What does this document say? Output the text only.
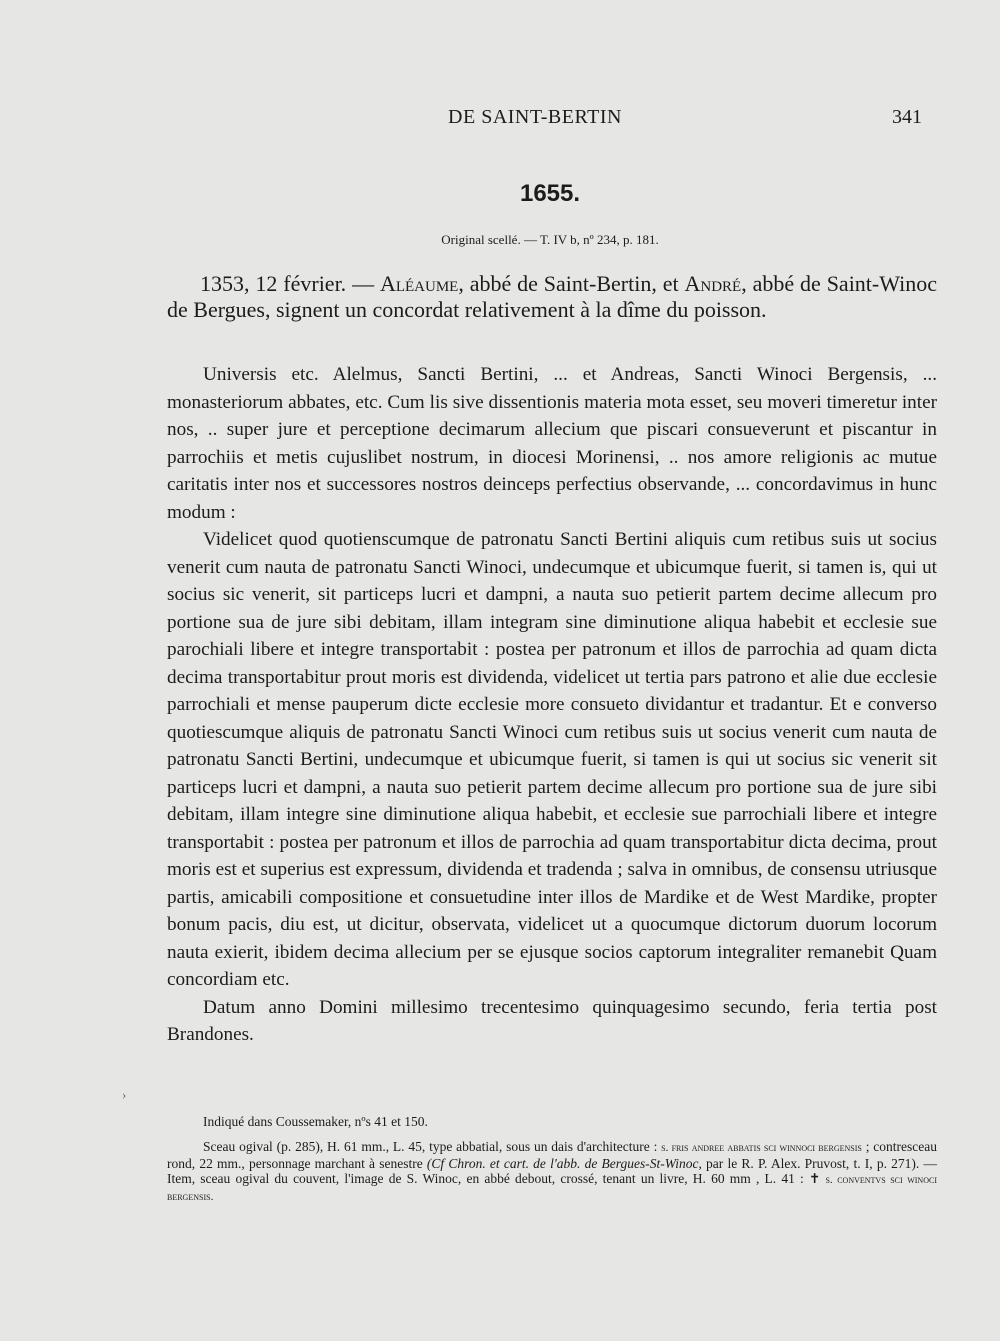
DE SAINT-BERTIN	341
1655.
Original scellé. — T. IV b, nº 234, p. 181.

1353, 12 février. — Aléaume, abbé de Saint-Bertin, et André, abbé de Saint-Winoc de Bergues, signent un concordat relativement à la dîme du poisson.

Universis etc. Alelmus, Sancti Bertini, ... et Andreas, Sancti Winoci Bergensis, ... monasteriorum abbates, etc. Cum lis sive dissentionis materia mota esset, seu moveri timeretur inter nos, .. super jure et perceptione decimarum allecium que piscari consueverunt et piscantur in parrochiis et metis cujuslibet nostrum, in diocesi Morinensi, .. nos amore religionis ac mutue caritatis inter nos et successores nostros deinceps perfectius observande, ... concordavimus in hunc modum :

Videlicet quod quotienscumque de patronatu Sancti Bertini aliquis cum retibus suis ut socius venerit cum nauta de patronatu Sancti Winoci, undecumque et ubicumque fuerit, si tamen is, qui ut socius sic venerit, sit particeps lucri et dampni, a nauta suo petierit partem decime allecum pro portione sua de jure sibi debitam, illam integram sine diminutione aliqua habebit et ecclesie sue parochiali libere et integre transportabit : postea per patronum et illos de parrochia ad quam dicta decima transportabitur prout moris est dividenda, videlicet ut tertia pars patrono et alie due ecclesie parrochiali et mense pauperum dicte ecclesie more consueto dividantur et tradantur. Et e converso quotiescumque aliquis de patronatu Sancti Winoci cum retibus suis ut socius venerit cum nauta de patronatu Sancti Bertini, undecumque et ubicumque fuerit, si tamen is qui ut socius sic venerit sit particeps lucri et dampni, a nauta suo petierit partem decime allecum pro portione sua de jure sibi debitam, illam integre sine diminutione aliqua habebit, et ecclesie sue parrochiali libere et integre transportabit : postea per patronum et illos de parrochia ad quam transportabitur dicta decima, prout moris est et superius est expressum, dividenda et tradenda ; salva in omnibus, de consensu utriusque partis, amicabili compositione et consuetudine inter illos de Mardike et de West Mardike, propter bonum pacis, diu est, ut dicitur, observata, videlicet ut a quocumque dictorum duorum locorum nauta exierit, ibidem decima allecium per se ejusque socios captorum integraliter remanebit Quam concordiam etc.

Datum anno Domini millesimo trecentesimo quinquagesimo secundo, feria tertia post Brandones.

›

Indiqué dans Coussemaker, nºs 41 et 150.

Sceau ogival (p. 285), H. 61 mm., L. 45, type abbatial, sous un dais d'architecture : s. fris andree abbatis sci winnoci bergensis ; contresceau rond, 22 mm., personnage marchant à senestre (Cf Chron. et cart. de l'abb. de Bergues-St-Winoc, par le R. P. Alex. Pruvost, t. I, p. 271). — Item, sceau ogival du couvent, l'image de S. Winoc, en abbé debout, crossé, tenant un livre, H. 60 mm , L. 41 : ✝ s. conventvs sci winoci bergensis.
